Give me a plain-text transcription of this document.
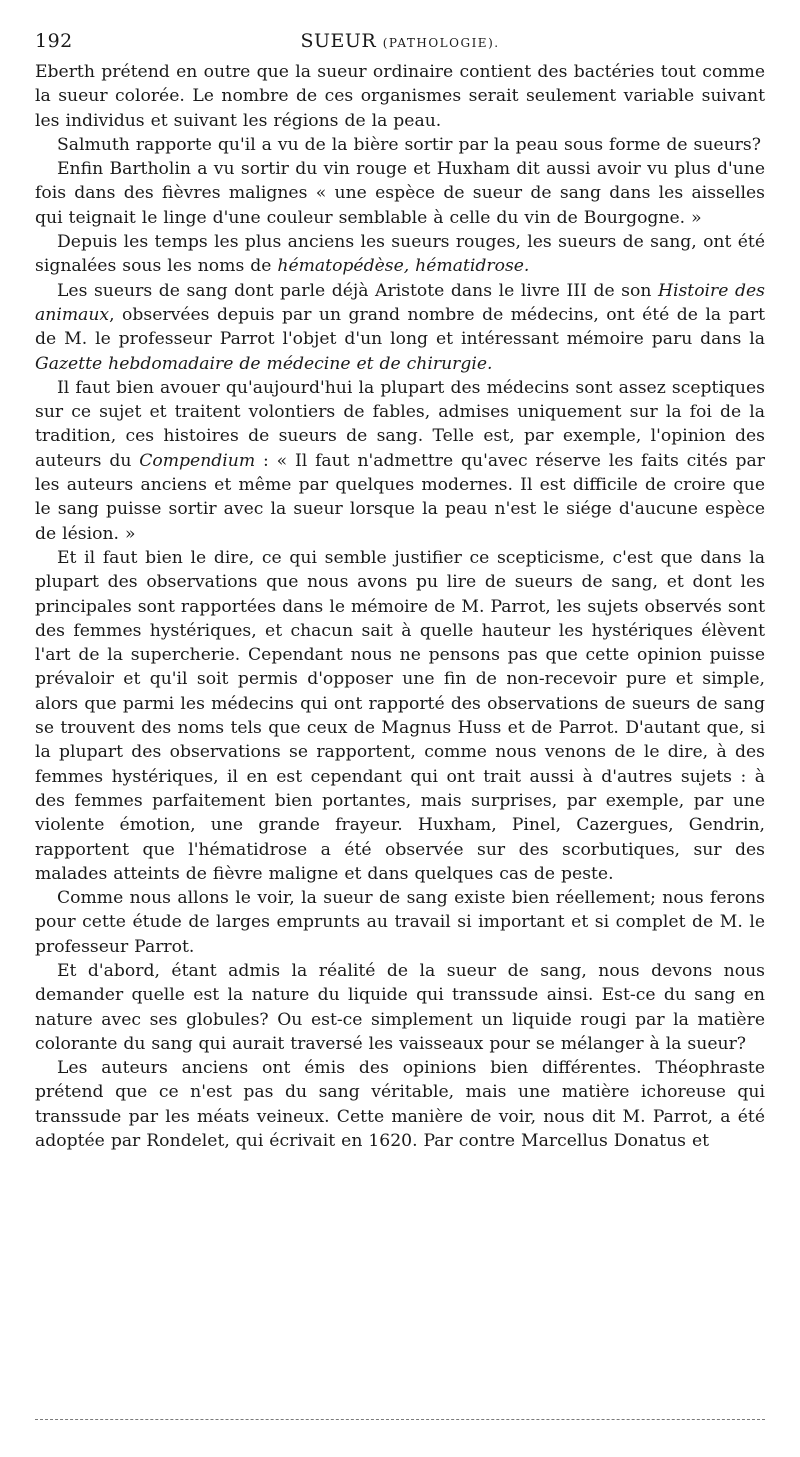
192	SUEUR (PATHOLOGIE).

Eberth prétend en outre que la sueur ordinaire contient des bactéries tout comme la sueur colorée. Le nombre de ces organismes serait seulement variable suivant les individus et suivant les régions de la peau.

Salmuth rapporte qu'il a vu de la bière sortir par la peau sous forme de sueurs?

Enfin Bartholin a vu sortir du vin rouge et Huxham dit aussi avoir vu plus d'une fois dans des fièvres malignes « une espèce de sueur de sang dans les aisselles qui teignait le linge d'une couleur semblable à celle du vin de Bourgogne. »

Depuis les temps les plus anciens les sueurs rouges, les sueurs de sang, ont été signalées sous les noms de hématopédèse, hématidrose.

Les sueurs de sang dont parle déjà Aristote dans le livre III de son Histoire des animaux, observées depuis par un grand nombre de médecins, ont été de la part de M. le professeur Parrot l'objet d'un long et intéressant mémoire paru dans la Gazette hebdomadaire de médecine et de chirurgie.

Il faut bien avouer qu'aujourd'hui la plupart des médecins sont assez sceptiques sur ce sujet et traitent volontiers de fables, admises uniquement sur la foi de la tradition, ces histoires de sueurs de sang. Telle est, par exemple, l'opinion des auteurs du Compendium : « Il faut n'admettre qu'avec réserve les faits cités par les auteurs anciens et même par quelques modernes. Il est difficile de croire que le sang puisse sortir avec la sueur lorsque la peau n'est le siége d'aucune espèce de lésion. »

Et il faut bien le dire, ce qui semble justifier ce scepticisme, c'est que dans la plupart des observations que nous avons pu lire de sueurs de sang, et dont les principales sont rapportées dans le mémoire de M. Parrot, les sujets observés sont des femmes hystériques, et chacun sait à quelle hauteur les hystériques élèvent l'art de la supercherie. Cependant nous ne pensons pas que cette opinion puisse prévaloir et qu'il soit permis d'opposer une fin de non-recevoir pure et simple, alors que parmi les médecins qui ont rapporté des observations de sueurs de sang se trouvent des noms tels que ceux de Magnus Huss et de Parrot. D'autant que, si la plupart des observations se rapportent, comme nous venons de le dire, à des femmes hystériques, il en est cependant qui ont trait aussi à d'autres sujets : à des femmes parfaitement bien portantes, mais surprises, par exemple, par une violente émotion, une grande frayeur. Huxham, Pinel, Cazergues, Gendrin, rapportent que l'hématidrose a été observée sur des scorbutiques, sur des malades atteints de fièvre maligne et dans quelques cas de peste.

Comme nous allons le voir, la sueur de sang existe bien réellement; nous ferons pour cette étude de larges emprunts au travail si important et si complet de M. le professeur Parrot.

Et d'abord, étant admis la réalité de la sueur de sang, nous devons nous demander quelle est la nature du liquide qui transsude ainsi. Est-ce du sang en nature avec ses globules? Ou est-ce simplement un liquide rougi par la matière colorante du sang qui aurait traversé les vaisseaux pour se mélanger à la sueur?

Les auteurs anciens ont émis des opinions bien différentes. Théophraste prétend que ce n'est pas du sang véritable, mais une matière ichoreuse qui transsude par les méats veineux. Cette manière de voir, nous dit M. Parrot, a été adoptée par Rondelet, qui écrivait en 1620. Par contre Marcellus Donatus et
